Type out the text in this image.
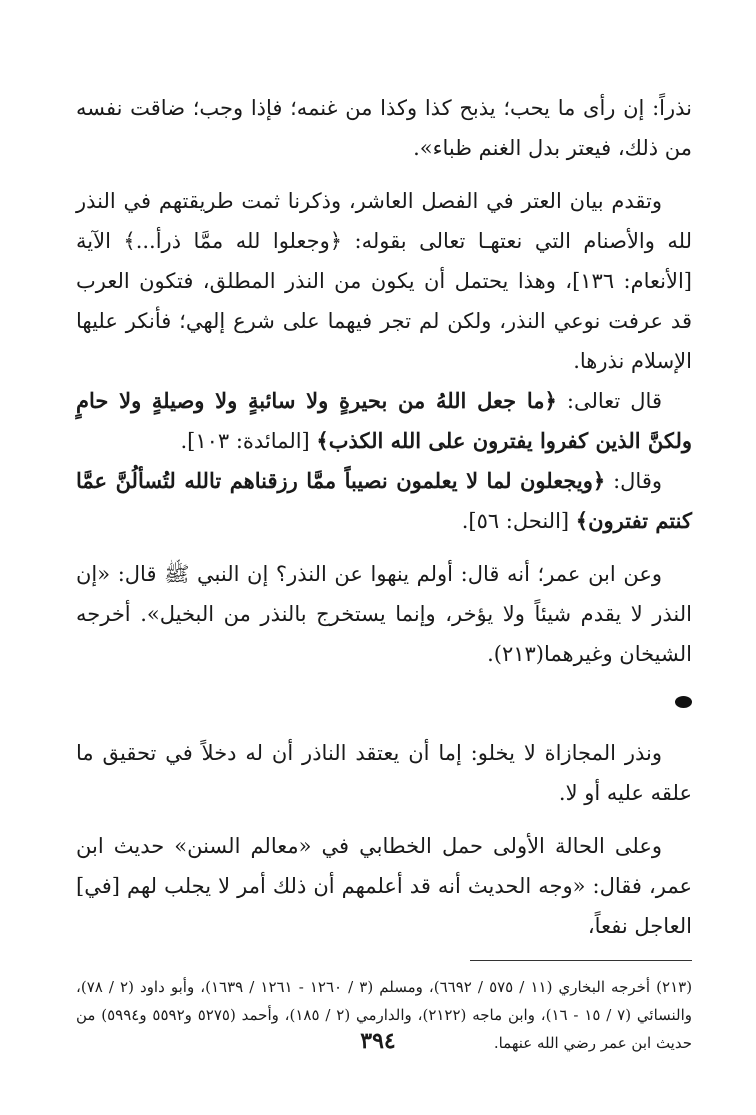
نذراً: إن رأى ما يحب؛ يذبح كذا وكذا من غنمه؛ فإذا وجب؛ ضاقت نفسه من ذلك، فيعتر بدل الغنم ظباء».

وتقدم بيان العتر في الفصل العاشر، وذكرنا ثمت طريقتهم في النذر لله والأصنام التي نعتهـا تعالى بقوله: ﴿وجعلوا لله ممَّا ذرأ...﴾ الآية [الأنعام: ١٣٦]، وهذا يحتمل أن يكون من النذر المطلق، فتكون العرب قد عرفت نوعي النذر، ولكن لم تجر فيهما على شرع إلهي؛ فأنكر عليها الإسلام نذرها.

قال تعالى: ﴿ما جعل اللهُ من بحيرةٍ ولا سائبةٍ ولا وصيلةٍ ولا حامٍ ولكنَّ الذين كفروا يفترون على الله الكذب﴾ [المائدة: ١٠٣].

وقال: ﴿ويجعلون لما لا يعلمون نصيباً ممَّا رزقناهم تالله لتُسألُنَّ عمَّا كنتم تفترون﴾ [النحل: ٥٦].

وعن ابن عمر؛ أنه قال: أولم ينهوا عن النذر؟ إن النبي ﷺ قال: «إن النذر لا يقدم شيئاً ولا يؤخر، وإنما يستخرج بالنذر من البخيل». أخرجه الشيخان وغيرهما(٢١٣).

ونذر المجازاة لا يخلو: إما أن يعتقد الناذر أن له دخلاً في تحقيق ما علقه عليه أو لا.

وعلى الحالة الأولى حمل الخطابي في «معالم السنن» حديث ابن عمر، فقال: «وجه الحديث أنه قد أعلمهم أن ذلك أمر لا يجلب لهم [في] العاجل نفعاً،

(٢١٣) أخرجه البخاري (١١ / ٥٧٥ / ٦٦٩٢)، ومسلم (٣ / ١٢٦٠ - ١٢٦١ / ١٦٣٩)، وأبو داود (٢ / ٧٨)، والنسائي (٧ / ١٥ - ١٦)، وابن ماجه (٢١٢٢)، والدارمي (٢ / ١٨٥)، وأحمد (٥٢٧٥ و٥٥٩٢ و٥٩٩٤) من حديث ابن عمر رضي الله عنهما.

٣٩٤
